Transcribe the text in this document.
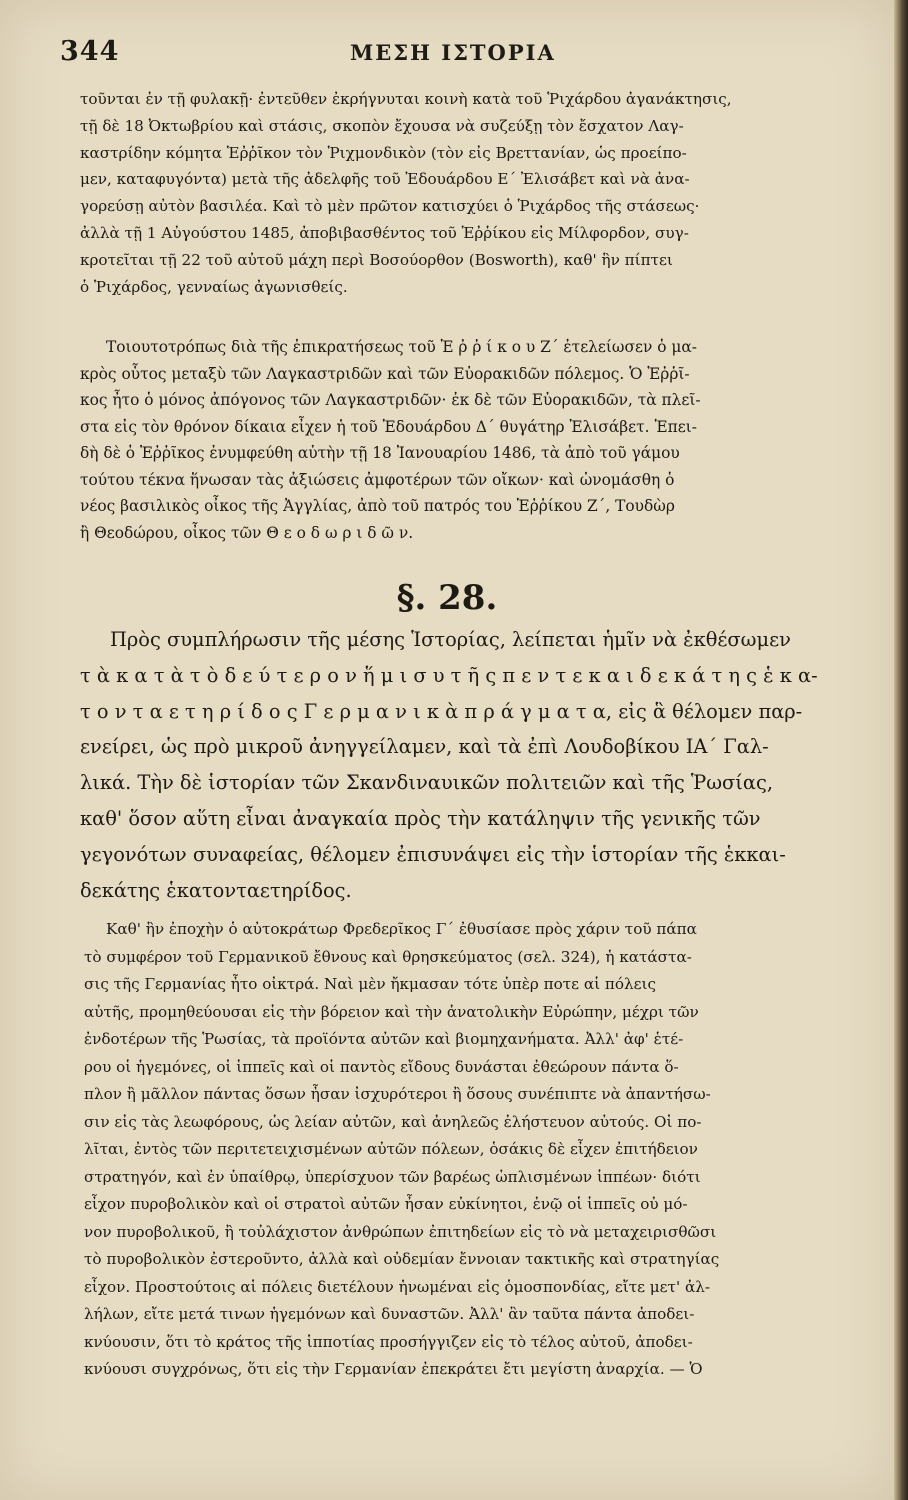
344	ΜΕΣΗ ΙΣΤΟΡΙΑ
τοῦνται ἐν τῇ φυλακῇ· ἐντεῦθεν ἐκρήγνυται κοινὴ κατὰ τοῦ Ῥιχάρδου ἀγανάκτησις,
τῇ δὲ 18 Ὀκτωβρίου καὶ στάσις, σκοπὸν ἔχουσα νὰ συζεύξῃ τὸν ἔσχατον Λαγ-
καστρίδην κόμητα Ἑῤῥῖκον τὸν Ῥιχμονδικὸν (τὸν εἰς Βρεττανίαν, ὡς προείπο-
μεν, καταφυγόντα) μετὰ τῆς ἀδελφῆς τοῦ Ἐδουάρδου Ε΄ Ἐλισάβετ καὶ νὰ ἀνα-
γορεύσῃ αὐτὸν βασιλέα. Καὶ τὸ μὲν πρῶτον κατισχύει ὁ Ῥιχάρδος τῆς στάσεως·
ἀλλὰ τῇ 1 Αὐγούστου 1485, ἀποβιβασθέντος τοῦ Ἑῤῥίκου εἰς Μίλφορδον, συγ-
κροτεῖται τῇ 22 τοῦ αὐτοῦ μάχη περὶ Βοσούορθον (Bosworth), καθ' ἣν πίπτει
ὁ Ῥιχάρδος, γενναίως ἀγωνισθείς.
Τοιουτοτρόπως διὰ τῆς ἐπικρατήσεως τοῦ Ἑ ῤ ῥ ί κ ο υ Ζ΄ ἐτελείωσεν ὁ μα-
κρὸς οὗτος μεταξὺ τῶν Λαγκαστριδῶν καὶ τῶν Εὐορακιδῶν πόλεμος. Ὁ Ἑῤῥῖ-
κος ἦτο ὁ μόνος ἀπόγονος τῶν Λαγκαστριδῶν· ἐκ δὲ τῶν Εὐορακιδῶν, τὰ πλεῖ-
στα εἰς τὸν θρόνον δίκαια εἶχεν ἡ τοῦ Ἐδουάρδου Δ΄ θυγάτηρ Ἐλισάβετ. Ἐπει-
δὴ δὲ ὁ Ἑῤῥῖκος ἐνυμφεύθη αὐτὴν τῇ 18 Ἰανουαρίου 1486, τὰ ἀπὸ τοῦ γάμου
τούτου τέκνα ἥνωσαν τὰς ἀξιώσεις ἀμφοτέρων τῶν οἴκων· καὶ ὠνομάσθη ὁ
νέος βασιλικὸς οἶκος τῆς Ἀγγλίας, ἀπὸ τοῦ πατρός του Ἑῤῥίκου Ζ΄, Τουδὼρ
ἢ Θεοδώρου, οἶκος τῶν Θ ε ο δ ω ρ ι δ ῶ ν.
§. 28.
Πρὸς συμπλήρωσιν τῆς μέσης Ἱστορίας, λείπεται ἡμῖν νὰ ἐκθέσωμεν
τ ὰ κ α τ ὰ τ ὸ δ ε ύ τ ε ρ ο ν ἥ μ ι σ υ τ ῆ ς π ε ν τ ε κ α ι δ ε κ ά τ η ς ἑ κ α-
τ ο ν τ α ε τ η ρ ί δ ο ς Γ ε ρ μ α ν ι κ ὰ π ρ ά γ μ α τ α, εἰς ἃ θέλομεν παρ-
ενείρει, ὡς πρὸ μικροῦ ἀνηγγείλαμεν, καὶ τὰ ἐπὶ Λουδοβίκου ΙΑ΄ Γαλ-
λικά. Τὴν δὲ ἱστορίαν τῶν Σκανδιναυικῶν πολιτειῶν καὶ τῆς Ῥωσίας,
καθ' ὅσον αὕτη εἶναι ἀναγκαία πρὸς τὴν κατάληψιν τῆς γενικῆς τῶν
γεγονότων συναφείας, θέλομεν ἐπισυνάψει εἰς τὴν ἱστορίαν τῆς ἑκκαι-
δεκάτης ἑκατονταετηρίδος.
Καθ' ἣν ἐποχὴν ὁ αὐτοκράτωρ Φρεδερῖκος Γ΄ ἐθυσίασε πρὸς χάριν τοῦ πάπα
τὸ συμφέρον τοῦ Γερμανικοῦ ἔθνους καὶ θρησκεύματος (σελ. 324), ἡ κατάστα-
σις τῆς Γερμανίας ἦτο οἰκτρά. Ναὶ μὲν ἤκμασαν τότε ὑπὲρ ποτε αἱ πόλεις
αὐτῆς, προμηθεύουσαι εἰς τὴν βόρειον καὶ τὴν ἀνατολικὴν Εὐρώπην, μέχρι τῶν
ἐνδοτέρων τῆς Ῥωσίας, τὰ προϊόντα αὐτῶν καὶ βιομηχανήματα. Ἀλλ' ἀφ' ἑτέ-
ρου οἱ ἡγεμόνες, οἱ ἱππεῖς καὶ οἱ παντὸς εἴδους δυνάσται ἐθεώρουν πάντα ὅ-
πλον ἢ μᾶλλον πάντας ὅσων ἦσαν ἰσχυρότεροι ἢ ὅσους συνέπιπτε νὰ ἀπαντήσω-
σιν εἰς τὰς λεωφόρους, ὡς λείαν αὐτῶν, καὶ ἀνηλεῶς ἐλήστευον αὐτούς. Οἱ πο-
λῖται, ἐντὸς τῶν περιτετειχισμένων αὐτῶν πόλεων, ὁσάκις δὲ εἶχεν ἐπιτήδειον
στρατηγόν, καὶ ἐν ὑπαίθρῳ, ὑπερίσχυον τῶν βαρέως ὡπλισμένων ἱππέων· διότι
εἶχον πυροβολικὸν καὶ οἱ στρατοὶ αὐτῶν ἦσαν εὐκίνητοι, ἐνῷ οἱ ἱππεῖς οὐ μό-
νον πυροβολικοῦ, ἢ τοὐλάχιστον ἀνθρώπων ἐπιτηδείων εἰς τὸ νὰ μεταχειρισθῶσι
τὸ πυροβολικὸν ἐστεροῦντο, ἀλλὰ καὶ οὐδεμίαν ἔννοιαν τακτικῆς καὶ στρατηγίας
εἶχον. Προστούτοις αἱ πόλεις διετέλουν ἡνωμέναι εἰς ὁμοσπονδίας, εἴτε μετ' ἀλ-
λήλων, εἴτε μετά τινων ἡγεμόνων καὶ δυναστῶν. Ἀλλ' ἂν ταῦτα πάντα ἀποδει-
κνύουσιν, ὅτι τὸ κράτος τῆς ἱπποτίας προσήγγιζεν εἰς τὸ τέλος αὐτοῦ, ἀποδει-
κνύουσι συγχρόνως, ὅτι εἰς τὴν Γερμανίαν ἐπεκράτει ἔτι μεγίστη ἀναρχία. — Ὁ
